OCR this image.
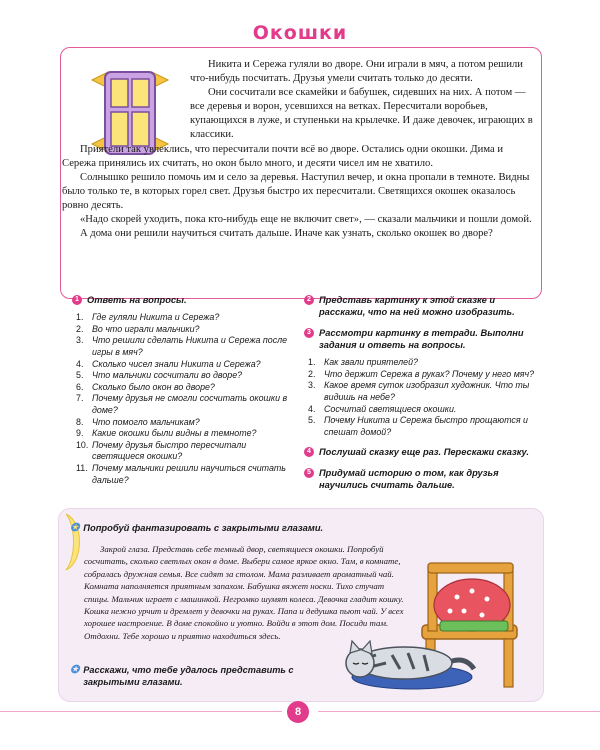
Окошки

Никита и Сережа гуляли во дворе. Они играли в мяч, а потом решили что-нибудь посчитать. Друзья умели считать только до десяти.

Они сосчитали все скамейки и бабушек, сидевших на них. А потом — все деревья и ворон, усевшихся на ветках. Пересчитали воробьев, купающихся в луже, и ступеньки на крылечке. И даже девочек, играющих в классики.

Приятели так увлеклись, что пересчитали почти всё во дворе. Остались одни окошки. Дима и Сережа принялись их считать, но окон было много, и десяти чисел им не хватило.

Солнышко решило помочь им и село за деревья. Наступил вечер, и окна пропали в темноте. Видны было только те, в которых горел свет. Друзья быстро их пересчитали. Светящихся окошек оказалось ровно десять.

«Надо скорей уходить, пока кто-нибудь еще не включит свет», — сказали мальчики и пошли домой.

А дома они решили научиться считать дальше. Иначе как узнать, сколько окошек во дворе?

1 Ответь на вопросы.
Где гуляли Никита и Сережа?
Во что играли мальчики?
Что решили сделать Никита и Сережа после игры в мяч?
Сколько чисел знали Никита и Сережа?
Что мальчики сосчитали во дворе?
Сколько было окон во дворе?
Почему друзья не смогли сосчитать окошки в доме?
Что помогло мальчикам?
Какие окошки были видны в темноте?
Почему друзья быстро пересчитали светящиеся окошки?
Почему мальчики решили научиться считать дальше?
2 Представь картинку к этой сказке и расскажи, что на ней можно изобразить.
3 Рассмотри картинку в тетради. Выполни задания и ответь на вопросы.
Как звали приятелей?
Что держит Сережа в руках? Почему у него мяч?
Какое время суток изобразил художник. Что ты видишь на небе?
Сосчитай светящиеся окошки.
Почему Никита и Сережа быстро прощаются и спешат домой?
4 Послушай сказку еще раз. Перескажи сказку.
5 Придумай историю о том, как друзья научились считать дальше.
✪ Попробуй фантазировать с закрытыми глазами.

Закрой глаза. Представь себе темный двор, светящиеся окошки. Попробуй сосчитать, сколько светлых окон в доме. Выбери самое яркое окно. Там, в комнате, собралась дружная семья. Все сидят за столом. Мама разливает ароматный чай. Комната наполняется приятным запахом. Бабушка вяжет носки. Тихо стучат спицы. Мальчик играет с машинкой. Негромко шумят колеса. Девочка гладит кошку. Кошка нежно урчит и дремлет у девочки на руках. Папа и дедушка пьют чай. У всех хорошее настроение. В доме спокойно и уютно. Войди в этот дом. Посиди там. Отдохни. Тебе хорошо и приятно находиться здесь.

✪ Расскажи, что тебе удалось представить с закрытыми глазами.
8
